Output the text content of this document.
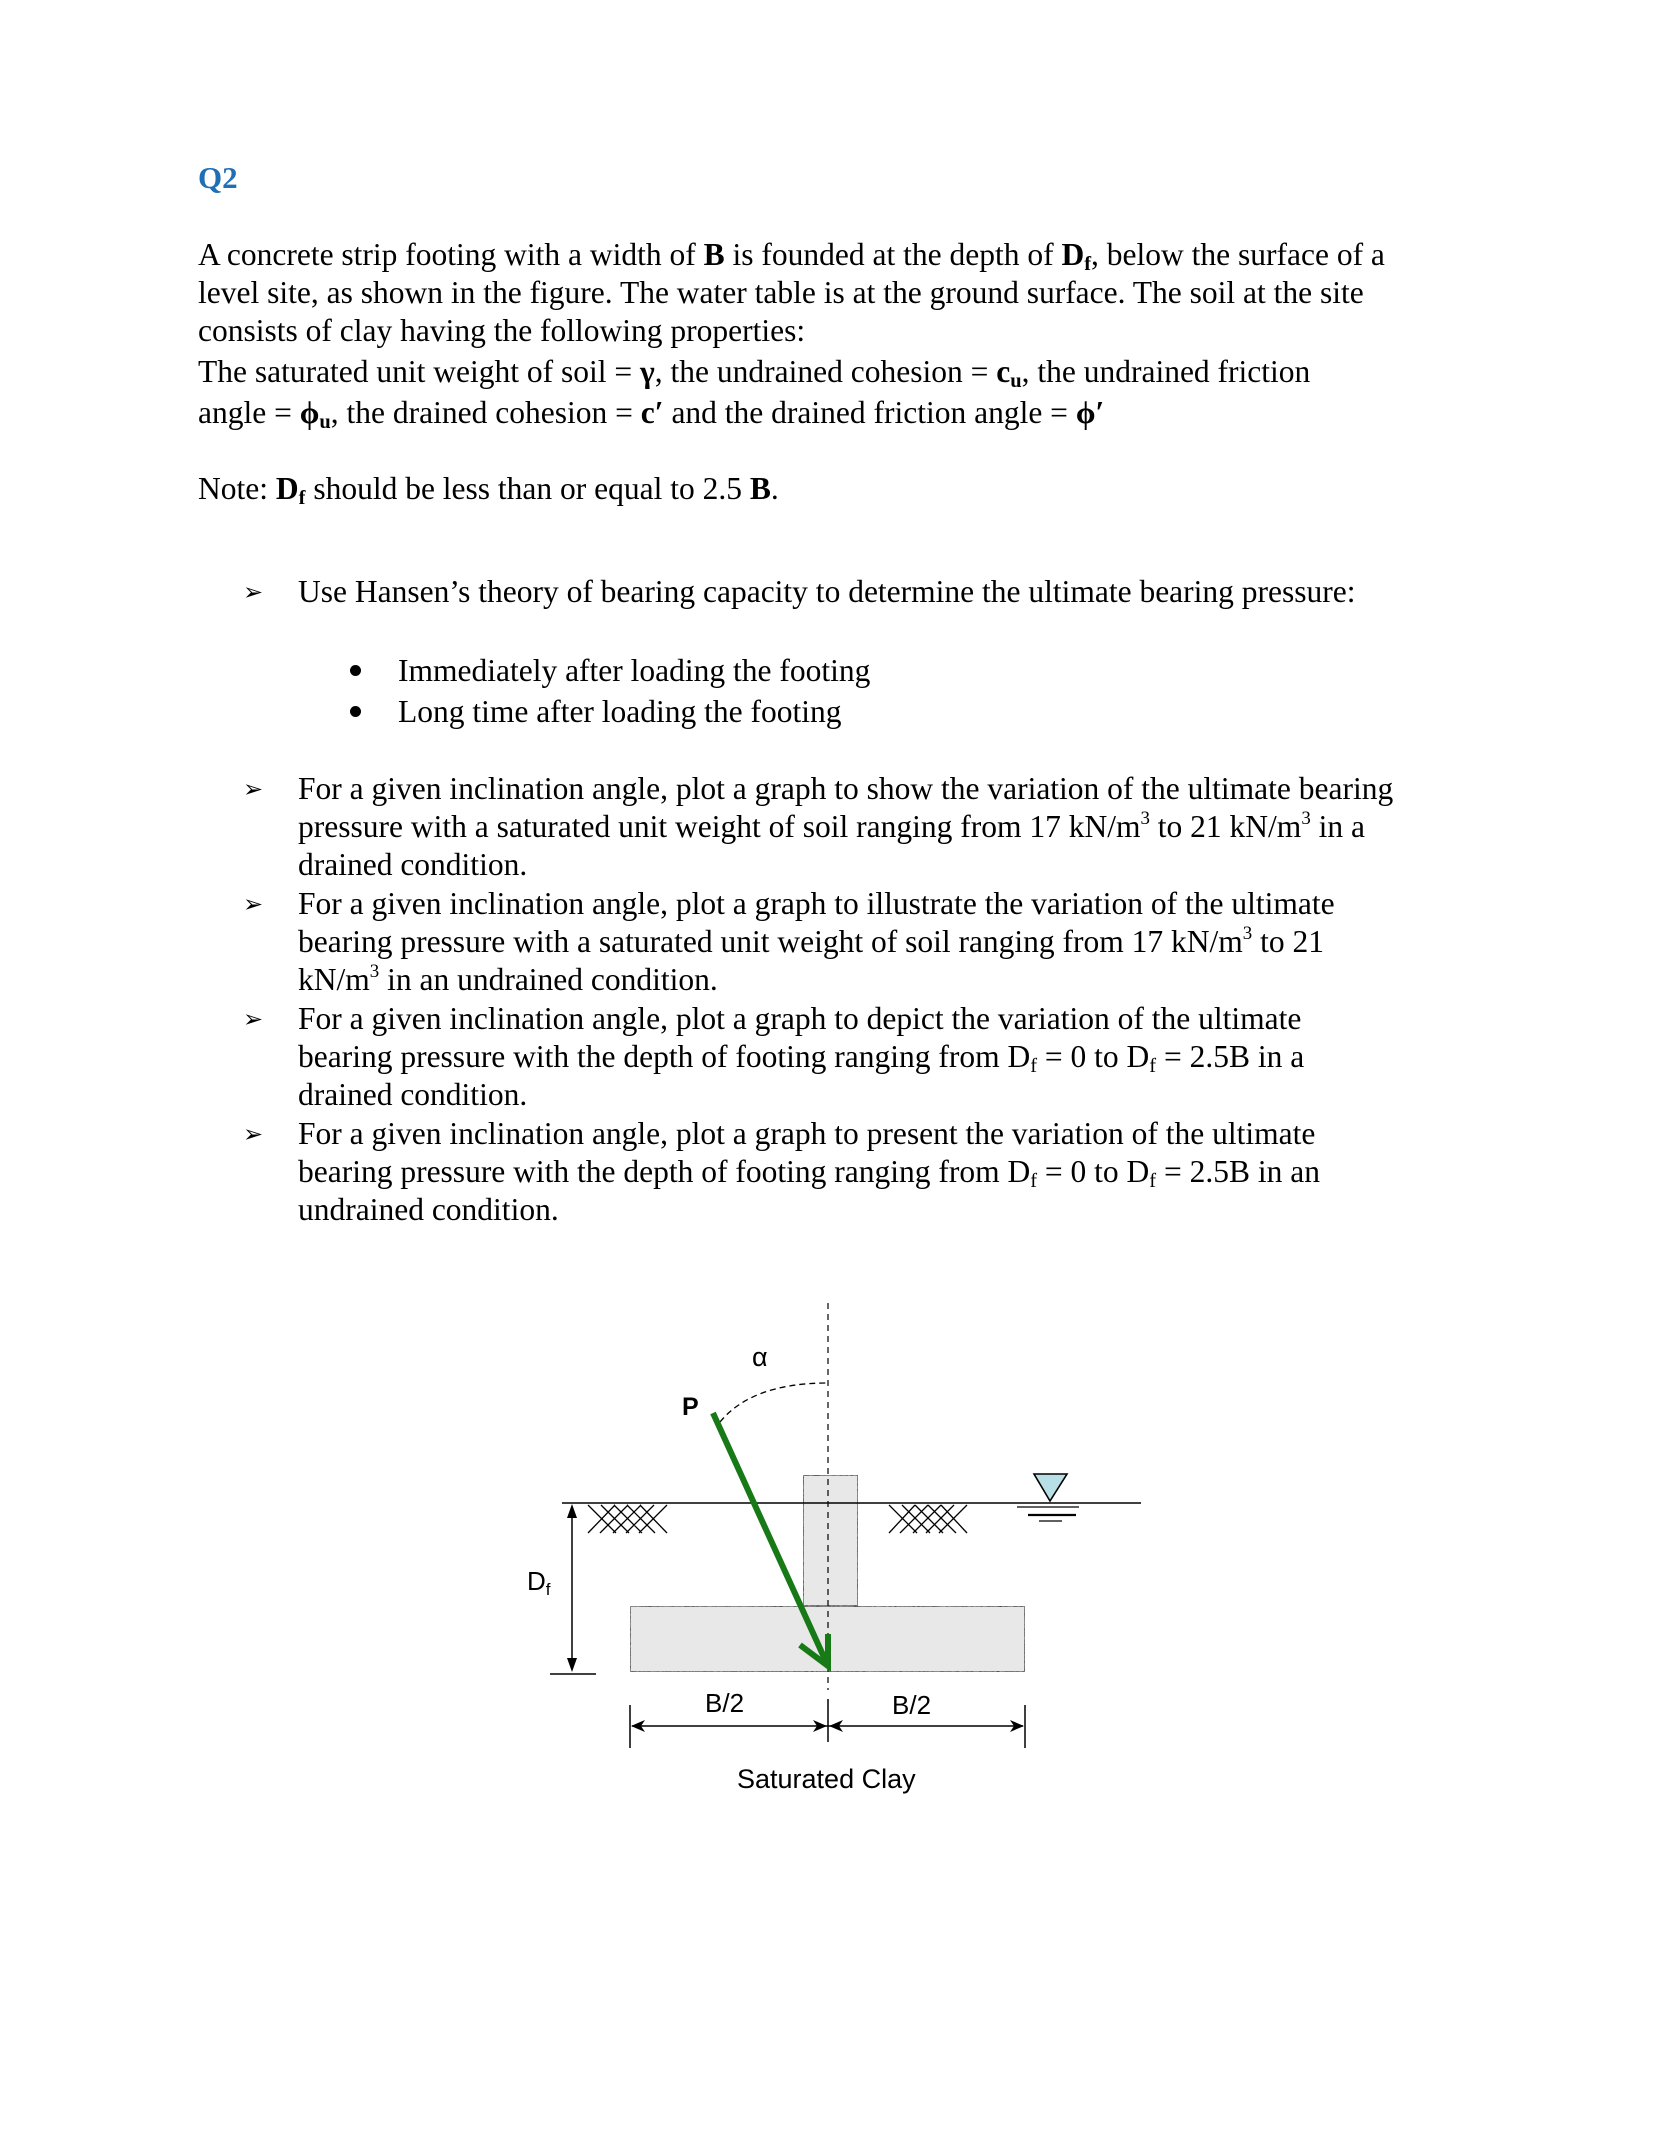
Q2
A concrete strip footing with a width of B is founded at the depth of $D_f$, below the surface of a
level site, as shown in the figure. The water table is at the ground surface. The soil at the site
consists of clay having the following properties:
The saturated unit weight of soil = γ, the undrained cohesion = $c_u$, the undrained friction
angle = $\phi_u$, the drained cohesion = c′ and the drained friction angle = ϕ′
Note: $D_f$ should be less than or equal to 2.5 B.
➢ Use Hansen’s theory of bearing capacity to determine the ultimate bearing pressure:
Immediately after loading the footing
Long time after loading the footing
➢ For a given inclination angle, plot a graph to show the variation of the ultimate bearing
pressure with a saturated unit weight of soil ranging from 17 $kN/m^3$ to 21 $kN/m^3$ in a
drained condition.
➢ For a given inclination angle, plot a graph to illustrate the variation of the ultimate
bearing pressure with a saturated unit weight of soil ranging from 17 $kN/m^3$ to 21
$kN/m^3$ in an undrained condition.
➢ For a given inclination angle, plot a graph to depict the variation of the ultimate
bearing pressure with the depth of footing ranging from $D_f = 0$ to $D_f = 2.5B$ in a
drained condition.
➢ For a given inclination angle, plot a graph to present the variation of the ultimate
bearing pressure with the depth of footing ranging from $D_f = 0$ to $D_f = 2.5B$ in an
undrained condition.
α
P
Df
B/2	B/2
Saturated Clay
